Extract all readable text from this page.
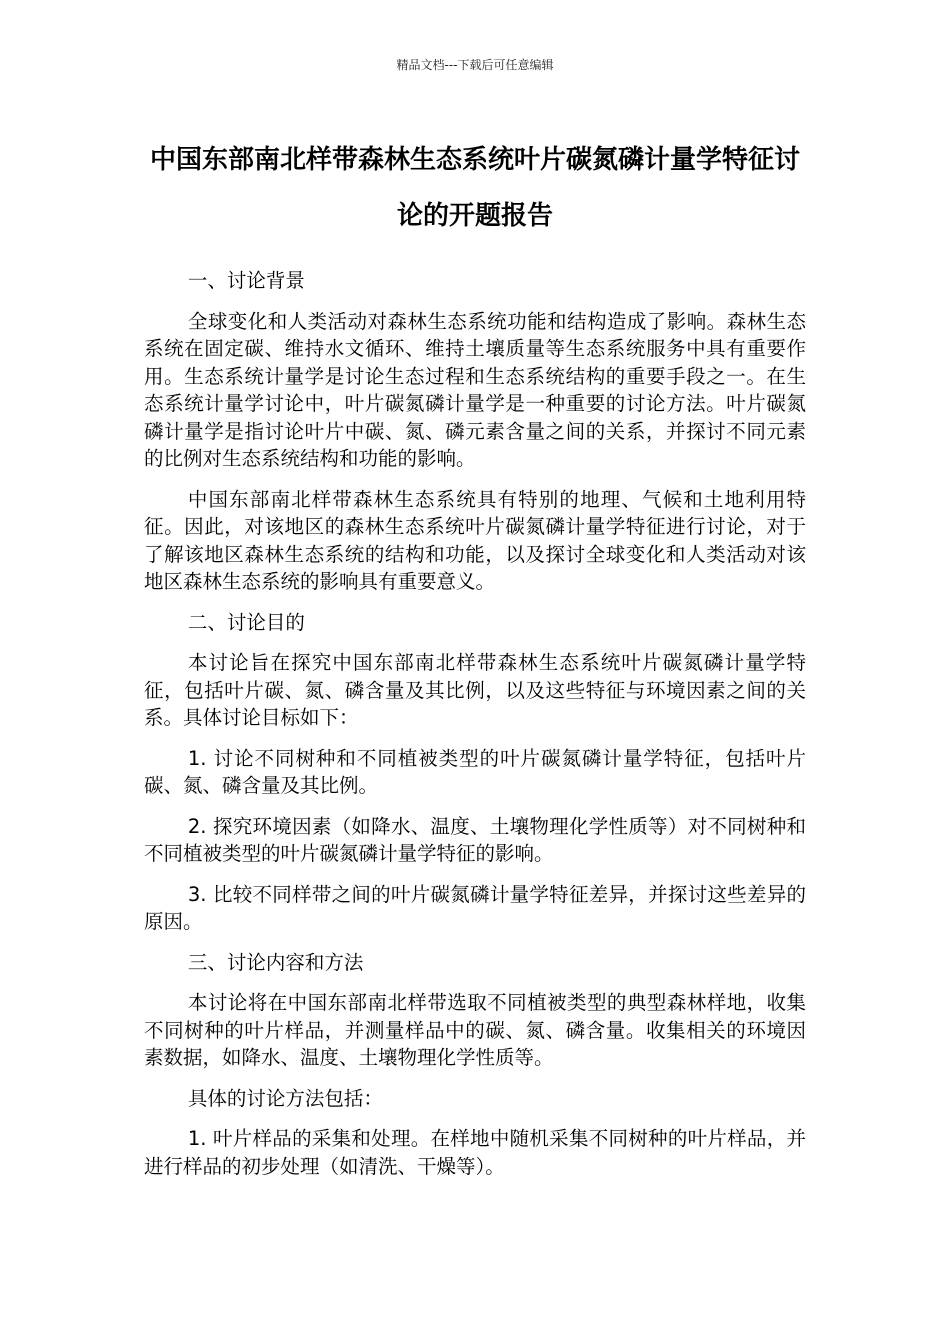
精品文档---下载后可任意编辑
中国东部南北样带森林生态系统叶片碳氮磷计量学特征讨论的开题报告

一、讨论背景

全球变化和人类活动对森林生态系统功能和结构造成了影响。森林生态系统在固定碳、维持水文循环、维持土壤质量等生态系统服务中具有重要作用。生态系统计量学是讨论生态过程和生态系统结构的重要手段之一。在生态系统计量学讨论中，叶片碳氮磷计量学是一种重要的讨论方法。叶片碳氮磷计量学是指讨论叶片中碳、氮、磷元素含量之间的关系，并探讨不同元素的比例对生态系统结构和功能的影响。

中国东部南北样带森林生态系统具有特别的地理、气候和土地利用特征。因此，对该地区的森林生态系统叶片碳氮磷计量学特征进行讨论，对于了解该地区森林生态系统的结构和功能，以及探讨全球变化和人类活动对该地区森林生态系统的影响具有重要意义。

二、讨论目的

本讨论旨在探究中国东部南北样带森林生态系统叶片碳氮磷计量学特征，包括叶片碳、氮、磷含量及其比例，以及这些特征与环境因素之间的关系。具体讨论目标如下：

1. 讨论不同树种和不同植被类型的叶片碳氮磷计量学特征，包括叶片碳、氮、磷含量及其比例。

2. 探究环境因素（如降水、温度、土壤物理化学性质等）对不同树种和不同植被类型的叶片碳氮磷计量学特征的影响。

3. 比较不同样带之间的叶片碳氮磷计量学特征差异，并探讨这些差异的原因。

三、讨论内容和方法

本讨论将在中国东部南北样带选取不同植被类型的典型森林样地，收集不同树种的叶片样品，并测量样品中的碳、氮、磷含量。收集相关的环境因素数据，如降水、温度、土壤物理化学性质等。

具体的讨论方法包括：

1. 叶片样品的采集和处理。在样地中随机采集不同树种的叶片样品，并进行样品的初步处理（如清洗、干燥等）。
